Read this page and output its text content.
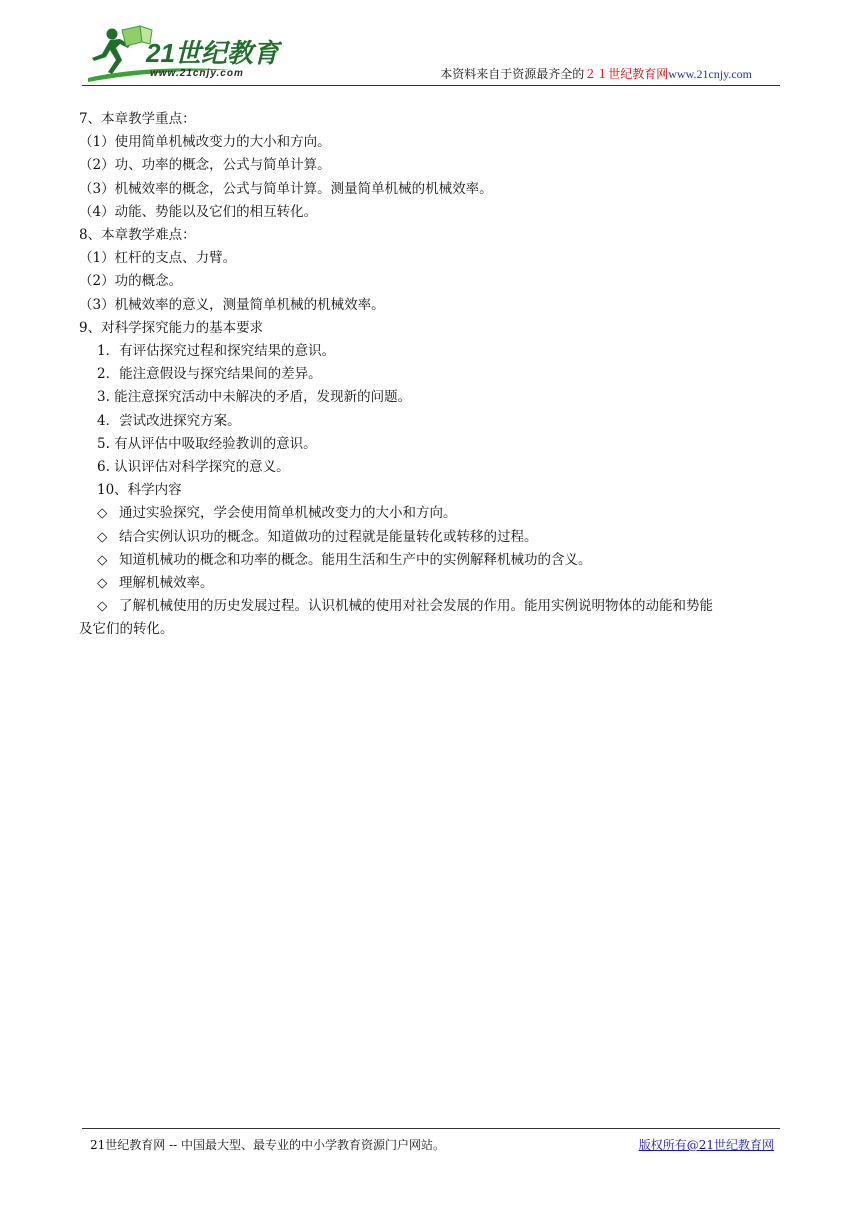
21世纪教育
www.21cnjy.com	本资料来自于资源最齐全的２１世纪教育网www.21cnjy.com
7、本章教学重点：
（1）使用简单机械改变力的大小和方向。
（2）功、功率的概念，公式与简单计算。
（3）机械效率的概念，公式与简单计算。测量简单机械的机械效率。
（4）动能、势能以及它们的相互转化。
8、本章教学难点：
（1）杠杆的支点、力臂。
（2）功的概念。
（3）机械效率的意义，测量简单机械的机械效率。
9、对科学探究能力的基本要求
1．有评估探究过程和探究结果的意识。
2．能注意假设与探究结果间的差异。
3. 能注意探究活动中未解决的矛盾，发现新的问题。
4．尝试改进探究方案。
5. 有从评估中吸取经验教训的意识。
6. 认识评估对科学探究的意义。
10、科学内容
◇ 通过实验探究，学会使用简单机械改变力的大小和方向。
◇ 结合实例认识功的概念。知道做功的过程就是能量转化或转移的过程。
◇ 知道机械功的概念和功率的概念。能用生活和生产中的实例解释机械功的含义。
◇ 理解机械效率。
◇ 了解机械使用的历史发展过程。认识机械的使用对社会发展的作用。能用实例说明物体的动能和势能
及它们的转化。
21世纪教育网 -- 中国最大型、最专业的中小学教育资源门户网站。	版权所有@21世纪教育网
